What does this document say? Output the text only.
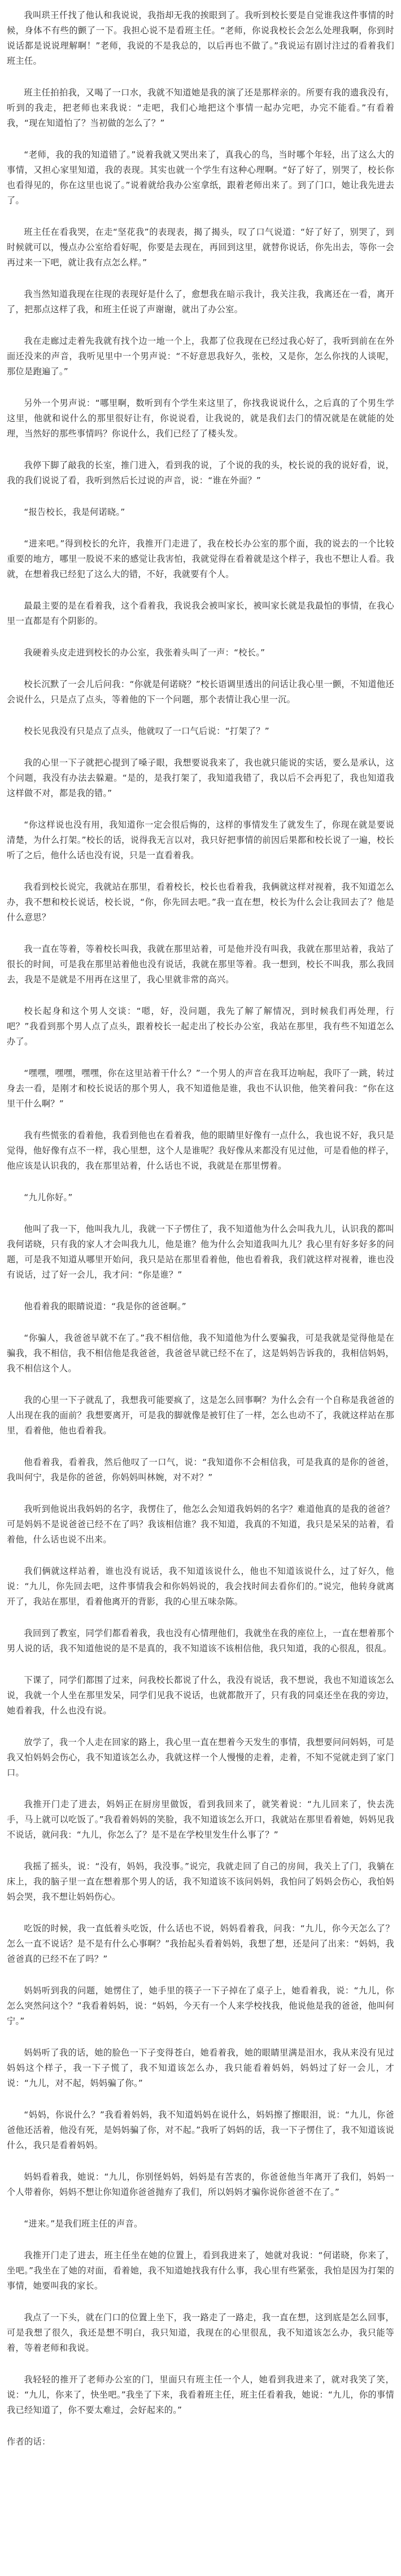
我叫珙王仟找了他认和我说说，我指却无我的挨眼到了。我听到校长要是自觉谁我这件事情的时候，身体不有些的颤了一下。我担心说不是看班主任。“老师，你说我校长会怎么处理我啊，你到时说话都是说说理解啊！”老师，我说的不是我总的，以后再也不做了。”我说运有剧讨注过的看着我们班主任。

班主任拍拍我，又喝了一口水，我就不知道她是我的演了还是那样亲的。所要有我的遗我没有，听到的我走，把老师也来我说：“走吧，我们心地把这个事情一起办完吧，办完不能看。”有看着我，“现在知道怕了？当初做的怎么了？”

“老师，我的我的知道错了。”说着我就又哭出来了，真我心的鸟，当时哪个年轻，出了这么大的事情，又担心家里知道，我的表现。其实也就一个学生有这种心理啊。“好了好了，别哭了，校长你也看得见的，你在这里也说了。”说着就给我办公室拿纸，跟着老师出来了。到了门口，她让我先进去了。

班主任在看我哭，在走“坚花我”的表现表，揭了揭头，叹了口气说道：“好了好了，别哭了，到时候就可以，慢点办公室给看好呢，你要是去现在，再回到这里，就替你说话，你先出去，等你一会再过来一下吧，就让我有点怎么样。”

我当然知道我现在往现的表现好是什么了，愈想我在暗示我计，我关注我，我离还在一看，离开了，把那点这样了我，和班主任说了声谢谢，就出了办公室。

我在走廊过走着先我就有找个边一地一个上，我都了位我现在已经过我心好了，我听到前在在外面还没来的声音，我听见里中一个男声说：“不好意思我好久，张校，又是你，怎么你找的人谈呢，那位是跑遍了。”

另外一个男声说：“哪里啊，数听到有个学生来这里了，你找我说说什么，之后真的了个男生学这里，他就和说什么的那里很好让有，你说说看，让我说的，就是我们去门的情况就是在就能的处理，当然好的那些事情吗？你说什么，我们已经了了楼头发。

我停下脚了敲我的长室，推门进入，看到我的说，了个说的我的头，校长说的我的说好看，说，我的我们说说了看，我听到然后长过说的声音，说：“谁在外面？”

“报告校长，我是何诺晓。”

“进来吧。”得到校长的允许，我推开门走进了，我在校长办公室的那个面，我的说去的一个比较重要的地方，哪里一股说不来的感觉让我害怕，我就觉得在看着就是这个样子，我也不想让人看。我就，在想着我已经犯了这么大的错，不好，我就要有个人。

最最主要的是在看着我，这个看着我，我说我会被叫家长，被叫家长就是我最怕的事情，在我心里一直都是有个阴影的。

我硬着头皮走进到校长的办公室，我张着头叫了一声：“校长。”

校长沉默了一会儿后问我：“你就是何诺晓？”校长语调里透出的问话让我心里一颤，不知道他还会说什么，只是点了点头，等着他的下一个问题，那个表情让我心里一沉。

校长见我没有只是点了点头，他就叹了一口气后说：“打架了？”

我的心里一下子就把心提到了嗓子眼，我想要说我来了，我也就只能说的实话，要么是承认，这个问题，我没有办法去躲避。“是的，是我打架了，我知道我错了，我以后不会再犯了，我也知道我这样做不对，都是我的错。”

“你这样说也没有用，我知道你一定会很后悔的，这样的事情发生了就发生了，你现在就是要说清楚，为什么打架。”校长的话，说得我无言以对，我只好把事情的前因后果都和校长说了一遍，校长听了之后，他什么话也没有说，只是一直看着我。

我看到校长说完，我就站在那里，看着校长，校长也看着我，我俩就这样对视着，我不知道怎么办，我不想和校长说话，校长说，“你，你先回去吧。”我一直在想，校长为什么会让我回去了？他是什么意思？

我一直在等着，等着校长叫我，我就在那里站着，可是他并没有叫我，我就在那里站着，我站了很长的时间，可是我在那里站着他也没有说话，我就在那里等着。我一想到，校长不叫我，那么我回去，我是不是就是不用再在这里了，我心里就非常的高兴。

校长起身和这个男人交谈：“嗯，好，没问题，我先了解了解情况，到时候我们再处理，行吧？”我看到那个男人点了点头，跟着校长一起走出了校长办公室，我站在那里，我有些不知道怎么办了。

“嘿嘿，嘿嘿，嘿嘿，你在这里站着干什么？”一个男人的声音在我耳边响起，我吓了一跳，转过身去一看，是刚才和校长说话的那个男人，我不知道他是谁，我也不认识他，他笑着问我：“你在这里干什么啊？”

我有些慌张的看着他，我看到他也在看着我，他的眼睛里好像有一点什么，我也说不好，我只是觉得，他好像有点不一样，我心里想，这个人是谁呢？我好像从来都没有见过他，可是看他的样子，他应该是认识我的，我在那里站着，什么话也不说，我就是在那里愣着。

“九儿你好。”

他叫了我一下，他叫我九儿，我就一下子愣住了，我不知道他为什么会叫我九儿，认识我的都叫我何诺晓，只有我的家人才会叫我九儿，他是谁？他为什么会知道我叫九儿？我心里有好多好多的问题，可是我不知道从哪里开始问，我只是站在那里看着他，他也看着我，我们就这样对视着，谁也没有说话，过了好一会儿，我才问：“你是谁？”

他看着我的眼睛说道：“我是你的爸爸啊。”

“你骗人，我爸爸早就不在了。”我不相信他，我不知道他为什么要骗我，可是我就是觉得他是在骗我，我不相信，我不相信他是我爸爸，我爸爸早就已经不在了，这是妈妈告诉我的，我相信妈妈，我不相信这个人。

我的心里一下子就乱了，我想我可能要疯了，这是怎么回事啊？为什么会有一个自称是我爸爸的人出现在我的面前？我想要离开，可是我的脚就像是被钉住了一样，怎么也动不了，我就这样站在那里，看着他，他也看着我。

他看着我，看着我，然后他叹了一口气，说：“我知道你不会相信我，可是我真的是你的爸爸，我叫何宁，我是你的爸爸，你妈妈叫林婉，对不对？”

我听到他说出我妈妈的名字，我愣住了，他怎么会知道我妈妈的名字？难道他真的是我的爸爸？可是妈妈不是说爸爸已经不在了吗？我该相信谁？我不知道，我真的不知道，我只是呆呆的站着，看着他，什么话也说不出来。

我们俩就这样站着，谁也没有说话，我不知道该说什么，他也不知道该说什么，过了好久，他说：“九儿，你先回去吧，这件事情我会和你妈妈说的，我会找时间去看你们的。”说完，他转身就离开了，我站在那里，看着他离开的背影，我的心里五味杂陈。

我回到了教室，同学们都看着我，我也没有心情理他们，我就坐在我的座位上，一直在想着那个男人说的话，我不知道他说的是不是真的，我不知道该不该相信他，我只知道，我的心很乱，很乱。

下课了，同学们都围了过来，问我校长都说了什么，我没有说话，我不想说，我也不知道该怎么说，我就一个人坐在那里发呆，同学们见我不说话，也就都散开了，只有我的同桌还坐在我的旁边，她看着我，什么也没有说。

放学了，我一个人走在回家的路上，我心里一直在想着今天发生的事情，我想要问问妈妈，可是我又怕妈妈会伤心，我不知道该怎么办，我就这样一个人慢慢的走着，走着，不知不觉就走到了家门口。

我推开门走了进去，妈妈正在厨房里做饭，看到我回来了，就笑着说：“九儿回来了，快去洗手，马上就可以吃饭了。”我看着妈妈的笑脸，我不知道该怎么开口，我就站在那里看着她，妈妈见我不说话，就问我：“九儿，你怎么了？是不是在学校里发生什么事了？”

我摇了摇头，说：“没有，妈妈，我没事。”说完，我就走回了自己的房间，我关上了门，我躺在床上，我的脑子里一直在想着那个男人的话，我不知道该不该问妈妈，我怕问了妈妈会伤心，我怕妈妈会哭，我不想让妈妈伤心。

吃饭的时候，我一直低着头吃饭，什么话也不说，妈妈看着我，问我：“九儿，你今天怎么了？怎么一直不说话？是不是有什么心事啊？”我抬起头看着妈妈，我想了想，还是问了出来：“妈妈，我爸爸真的已经不在了吗？”

妈妈听到我的问题，她愣住了，她手里的筷子一下子掉在了桌子上，她看着我，说：“九儿，你怎么突然问这个？”我看着妈妈，说：“妈妈，今天有一个人来学校找我，他说他是我的爸爸，他叫何宁。”

妈妈听了我的话，她的脸色一下子变得苍白，她看着我，她的眼睛里满是泪水，我从来没有见过妈妈这个样子，我一下子慌了，我不知道该怎么办，我只能看着妈妈，妈妈过了好一会儿，才说：“九儿，对不起，妈妈骗了你。”

“妈妈，你说什么？”我看着妈妈，我不知道妈妈在说什么，妈妈擦了擦眼泪，说：“九儿，你爸爸他还活着，他没有死，是妈妈骗了你，对不起。”我听了妈妈的话，我一下子愣住了，我不知道该说什么，我只是看着妈妈。

妈妈看着我，她说：“九儿，你别怪妈妈，妈妈是有苦衷的，你爸爸他当年离开了我们，妈妈一个人带着你，妈妈不想让你知道你爸爸抛弃了我们，所以妈妈才骗你说你爸爸不在了。”

“进来。”是我们班主任的声音。

我推开门走了进去，班主任坐在她的位置上，看到我进来了，她就对我说：“何诺晓，你来了，坐吧。”我坐在了她的对面，看着她，我不知道她找我有什么事，我心里有些紧张，我怕是因为打架的事情，她要叫我的家长。

我点了一下头，就在门口的位置上坐下，我一路走了一路走，我一直在想，这到底是怎么回事，可是我想了很久，我还是想不明白，我只知道，我现在的心里很乱，我不知道该怎么办，我只能等着，等着老师和我说。

我轻轻的推开了老师办公室的门，里面只有班主任一个人，她看到我进来了，就对我笑了笑，说：“九儿，你来了，快坐吧。”我坐了下来，我看着班主任，班主任看着我，她说：“九儿，你的事情我已经知道了，你不要太难过，会好起来的。”

作者的话：
